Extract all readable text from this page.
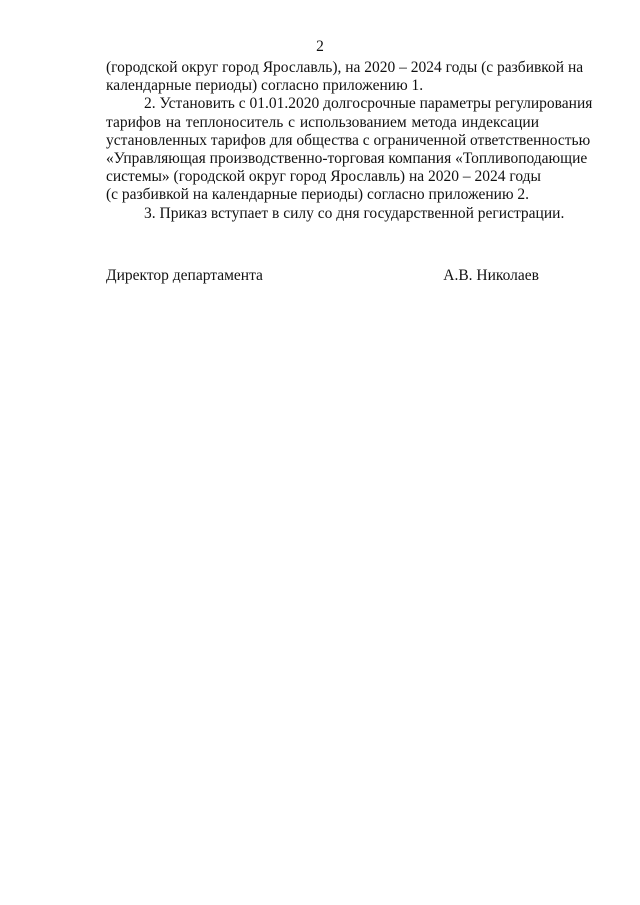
2
(городской округ город Ярославль), на 2020 – 2024 годы (с разбивкой на
календарные периоды) согласно приложению 1.
2. Установить с 01.01.2020 долгосрочные параметры регулирования
тарифов на теплоноситель с использованием метода индексации
установленных тарифов для общества с ограниченной ответственностью
«Управляющая производственно-торговая компания «Топливоподающие
системы» (городской округ город Ярославль) на 2020 – 2024 годы
(с разбивкой на календарные периоды) согласно приложению 2.
3. Приказ вступает в силу со дня государственной регистрации.
Директор департамента	А.В. Николаев
